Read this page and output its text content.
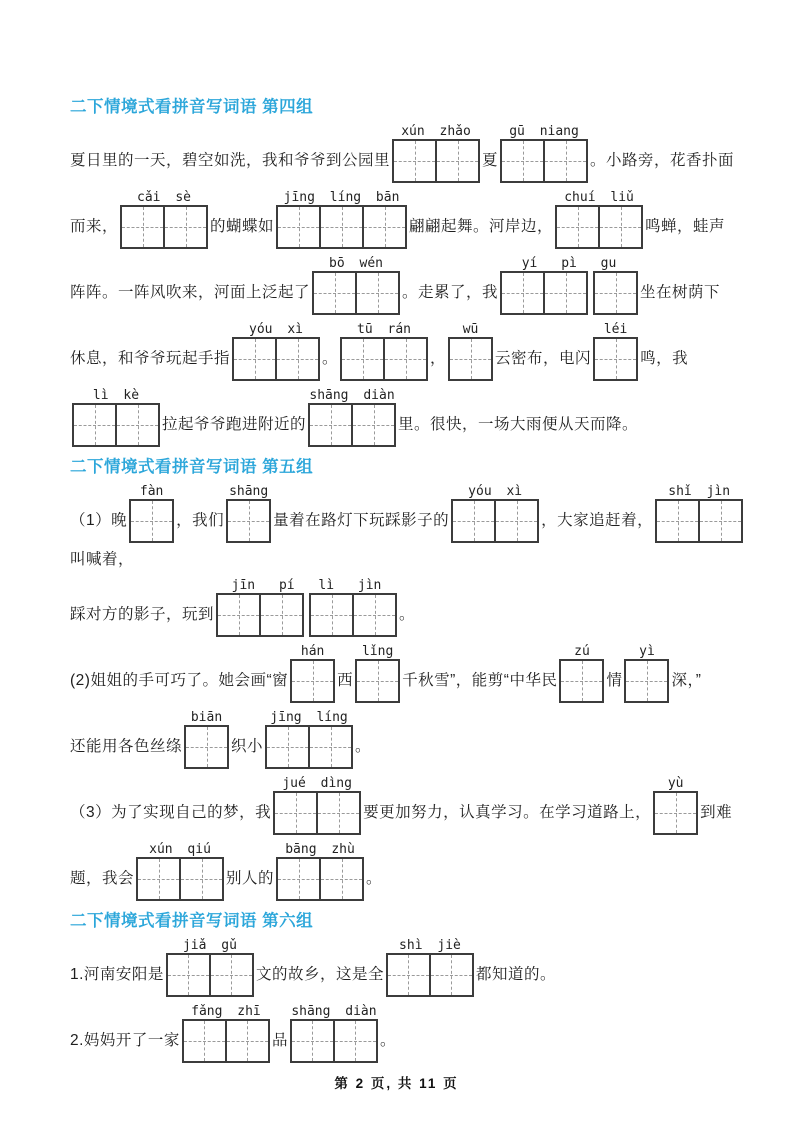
二下情境式看拼音写词语 第四组
夏日里的一天，碧空如洗，我和爷爷到公园里
xún zhǎo
夏
gū niang
。小路旁，花香扑面
而来，
cǎi sè
的蝴蝶如
jīng líng bān
翩翩起舞。河岸边，
chuí liǔ
鸣蝉，蛙声
阵阵。一阵风吹来，河面上泛起了
bō wén
。走累了，我
yí pì gu
坐在树荫下
休息，和爷爷玩起手指
yóu xì
。
tū rán
，
wū
云密布，电闪
léi
鸣，我
lì kè
拉起爷爷跑进附近的
shāng diàn
里。很快，一场大雨便从天而降。
二下情境式看拼音写词语 第五组
（1）晚
fàn
，我们
shāng
量着在路灯下玩踩影子的
yóu xì
，大家追赶着，
shǐ jìn
叫喊着，
踩对方的影子，玩到
jīn pí lì jìn
。
(2)姐姐的手可巧了。她会画“窗
hán
西
lǐng
千秋雪”，能剪“中华民
zú
情
yì
深，”
还能用各色丝绦
biān
织小
jīng líng
。
（3）为了实现自己的梦，我
jué dìng
要更加努力，认真学习。在学习道路上，
yù
到难
题，我会
xún qiú
别人的
bāng zhù
。
二下情境式看拼音写词语 第六组
1.河南安阳是
jiǎ gǔ
文的故乡，这是全
shì jiè
都知道的。
2.妈妈开了一家
fǎng zhī
品
shāng diàn
。
第 2 页, 共 11 页
